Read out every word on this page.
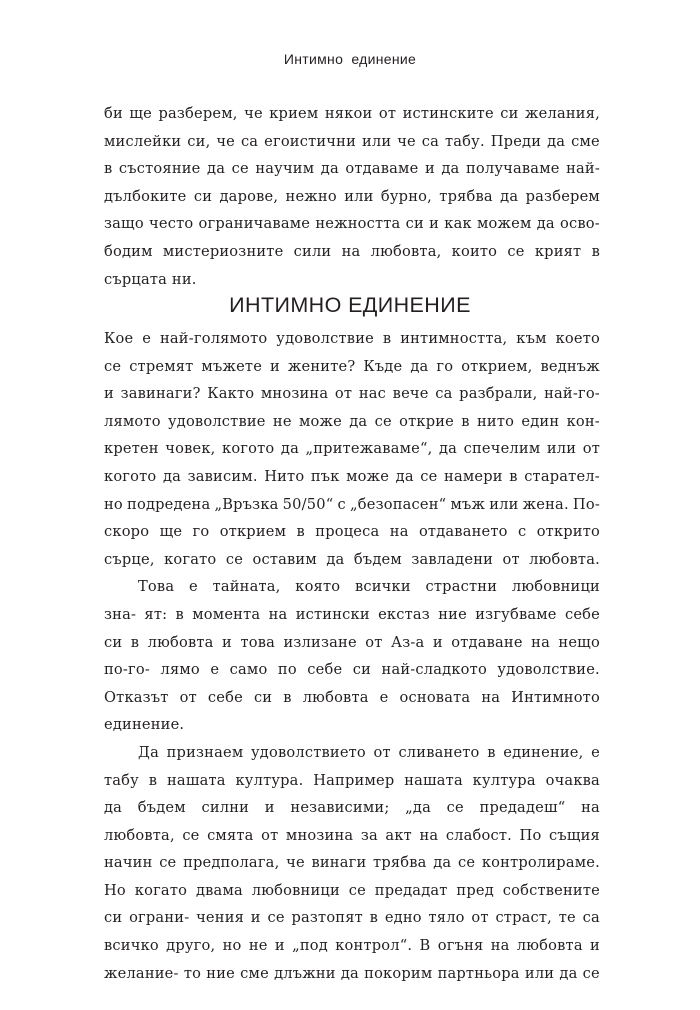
Интимно единение
би ще разберем, че крием някои от истинските си желания,
мислейки си, че са егоистични или че са табу. Преди да сме
в състояние да се научим да отдаваме и да получаваме най-
дълбоките си дарове, нежно или бурно, трябва да разберем
защо често ограничаваме нежността си и как можем да осво-
бодим мистериозните сили на любовта, които се крият в
сърцата ни.
ИНТИМНО ЕДИНЕНИЕ
Кое е най-голямото удоволствие в интимността, към което
се стремят мъжете и жените? Къде да го открием, веднъж
и завинаги? Както мнозина от нас вече са разбрали, най-го-
лямото удоволствие не може да се открие в нито един кон-
кретен човек, когото да „притежаваме“, да спечелим или от
когото да зависим. Нито пък може да се намери в старател-
но подредена „Връзка 50/50“ с „безопасен“ мъж или жена. По-
скоро ще го открием в процеса на отдаването с открито
сърце, когато се оставим да бъдем завладени от любовта.
Това е тайната, която всички страстни любовници
зна- ят: в момента на истински екстаз ние изгубваме себе
си в любовта и това излизане от Аз-а и отдаване на нещо
по-го- лямо е само по себе си най-сладкото удоволствие.
Отказът от себе си в любовта е основата на Интимното
единение.
Да признаем удоволствието от сливането в единение, е
табу в нашата култура. Например нашата култура очаква
да бъдем силни и независими; „да се предадеш“ на
любовта, се смята от мнозина за акт на слабост. По същия
начин се предполага, че винаги трябва да се контролираме.
Но когато двама любовници се предадат пред собствените
си ограни- чения и се разтопят в едно тяло от страст, те са
всичко друго, но не и „под контрол“. В огъня на любовта и
желание- то ние сме длъжни да покорим партньора или да се
